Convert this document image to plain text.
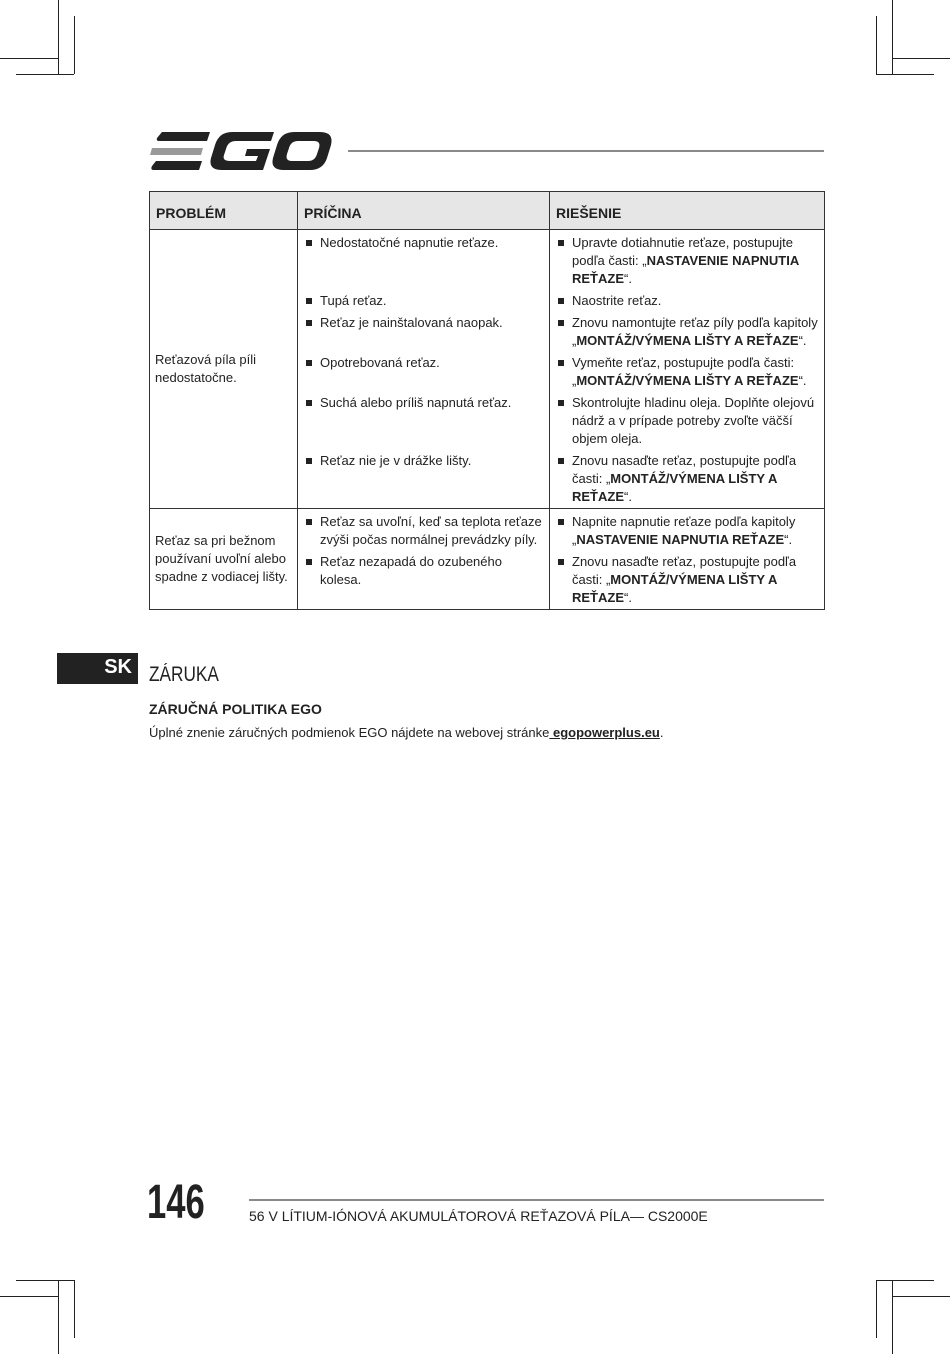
PROBLÉM	PRÍČINA	RIEŠENIE
Reťazová píla píli nedostatočne.	Nedostatočné napnutie reťaze.	Upravte dotiahnutie reťaze, postupujte podľa časti: „NASTAVENIE NAPNUTIA REŤAZE“.

Tupá reťaz.	Naostrite reťaz.

Reťaz je nainštalovaná naopak.	Znovu namontujte reťaz píly podľa kapitoly „MONTÁŽ/VÝMENA LIŠTY A REŤAZE“.

Opotrebovaná reťaz.	Vymeňte reťaz, postupujte podľa časti: „MONTÁŽ/VÝMENA LIŠTY A REŤAZE“.

Suchá alebo príliš napnutá reťaz.	Skontrolujte hladinu oleja. Doplňte olejovú nádrž a v prípade potreby zvoľte väčší objem oleja.

Reťaz nie je v drážke lišty.	Znovu nasaďte reťaz, postupujte podľa časti: „MONTÁŽ/VÝMENA LIŠTY A REŤAZE“.

Reťaz sa pri bežnom používaní uvoľní alebo spadne z vodiacej lišty.	Reťaz sa uvoľní, keď sa teplota reťaze zvýši počas normálnej prevádzky píly.	Napnite napnutie reťaze podľa kapitoly „NASTAVENIE NAPNUTIA REŤAZE“.

Reťaz nezapadá do ozubeného kolesa.	Znovu nasaďte reťaz, postupujte podľa časti: „MONTÁŽ/VÝMENA LIŠTY A REŤAZE“.
SK ZÁRUKA
ZÁRUČNÁ POLITIKA EGO
Úplné znenie záručných podmienok EGO nájdete na webovej stránke egopowerplus.eu.
146	56 V LÍTIUM-IÓNOVÁ AKUMULÁTOROVÁ REŤAZOVÁ PÍLA— CS2000E
